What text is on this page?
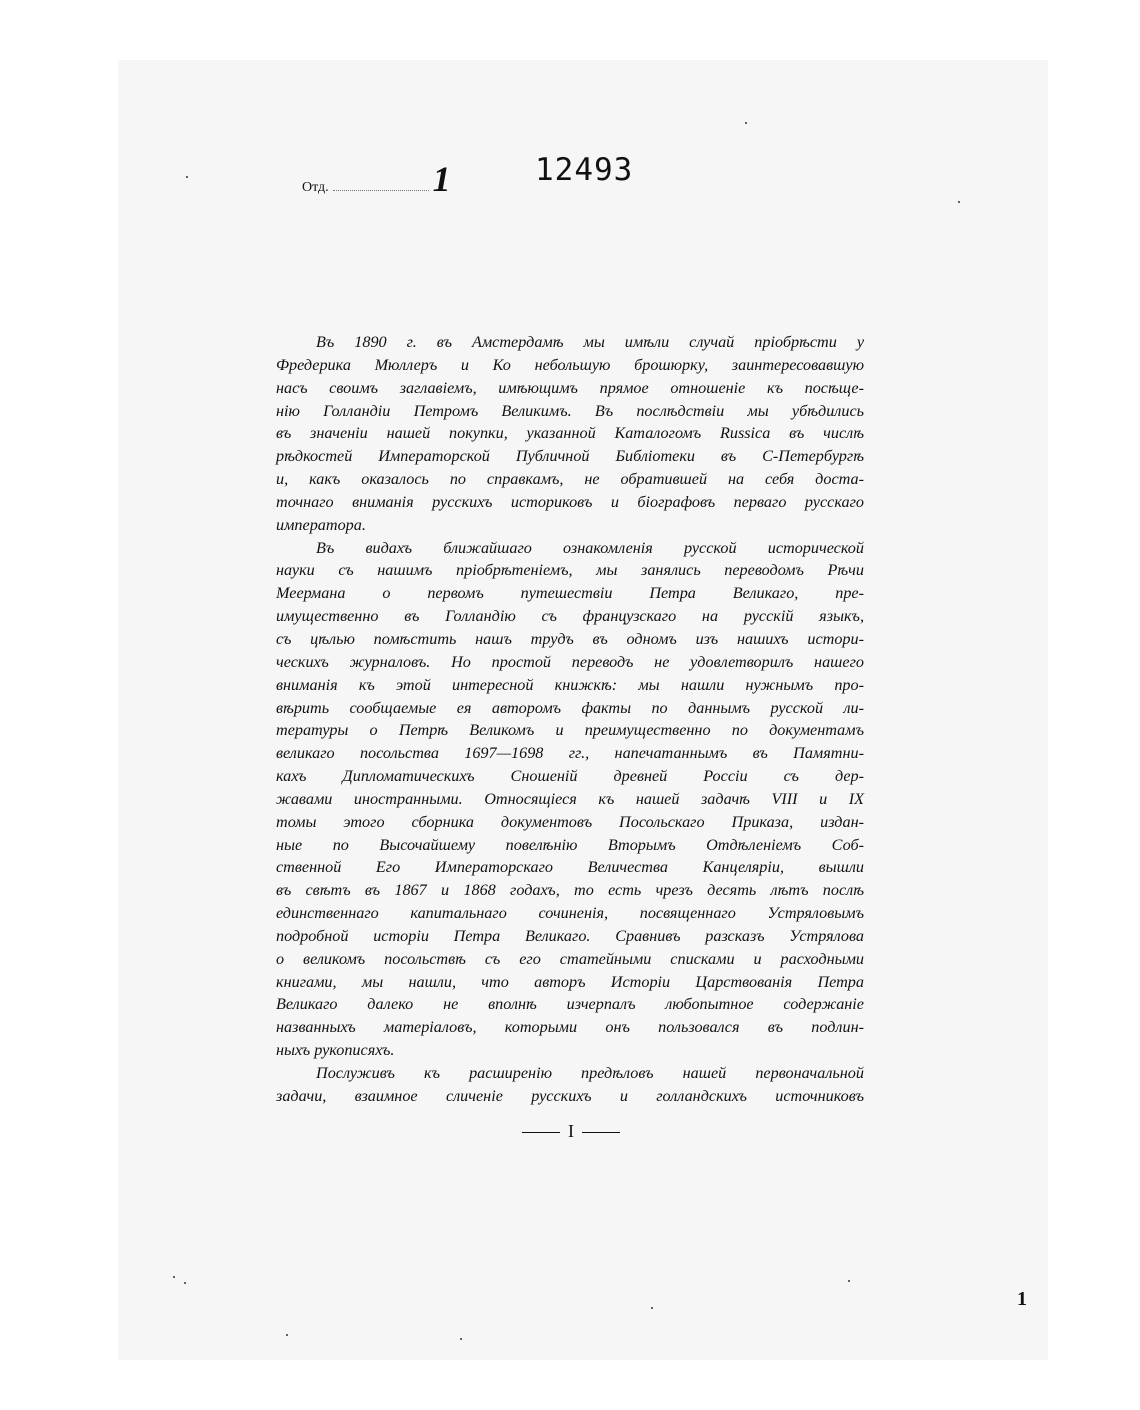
Отд.	1	12493
Въ 1890 г. въ Амстердамѣ мы имѣли случай пріобрѣсти у
Фредерика Мюллеръ и Ко небольшую брошюрку, заинтересовавшую
насъ своимъ заглавіемъ, имѣющимъ прямое отношеніе къ посѣще-
нію Голландіи Петромъ Великимъ. Въ послѣдствіи мы убѣдились
въ значеніи нашей покупки, указанной Каталогомъ Russica въ числѣ
рѣдкостей Императорской Публичной Библіотеки въ С-Петербургѣ
и, какъ оказалось по справкамъ, не обратившей на себя доста-
точнаго вниманія русскихъ историковъ и біографовъ перваго русскаго
императора.
Въ видахъ ближайшаго ознакомленія русской исторической
науки съ нашимъ пріобрѣтеніемъ, мы занялись переводомъ Рѣчи
Меермана о первомъ путешествіи Петра Великаго, пре-
имущественно въ Голландію съ французскаго на русскій языкъ,
съ цѣлью помѣстить нашъ трудъ въ одномъ изъ нашихъ истори-
ческихъ журналовъ. Но простой переводъ не удовлетворилъ нашего
вниманія къ этой интересной книжкѣ: мы нашли нужнымъ про-
вѣрить сообщаемые ея авторомъ факты по даннымъ русской ли-
тературы о Петрѣ Великомъ и преимущественно по документамъ
великаго посольства 1697—1698 гг., напечатаннымъ въ Памятни-
кахъ Дипломатическихъ Сношеній древней Россіи съ дер-
жавами иностранными. Относящіеся къ нашей задачѣ VIII и IX
томы этого сборника документовъ Посольскаго Приказа, издан-
ные по Высочайшему повелѣнію Вторымъ Отдѣленіемъ Соб-
ственной Его Императорскаго Величества Канцеляріи, вышли
въ свѣтъ въ 1867 и 1868 годахъ, то есть чрезъ десять лѣтъ послѣ
единственнаго капитальнаго сочиненія, посвященнаго Устряловымъ
подробной исторіи Петра Великаго. Сравнивъ разсказъ Устрялова
о великомъ посольствѣ съ его статейными списками и расходными
книгами, мы нашли, что авторъ Исторіи Царствованія Петра
Великаго далеко не вполнѣ изчерпалъ любопытное содержаніе
названныхъ матеріаловъ, которыми онъ пользовался въ подлин-
ныхъ рукописяхъ.
Послуживъ къ расширенію предѣловъ нашей первоначальной
задачи, взаимное сличеніе русскихъ и голландскихъ источниковъ
I
1
